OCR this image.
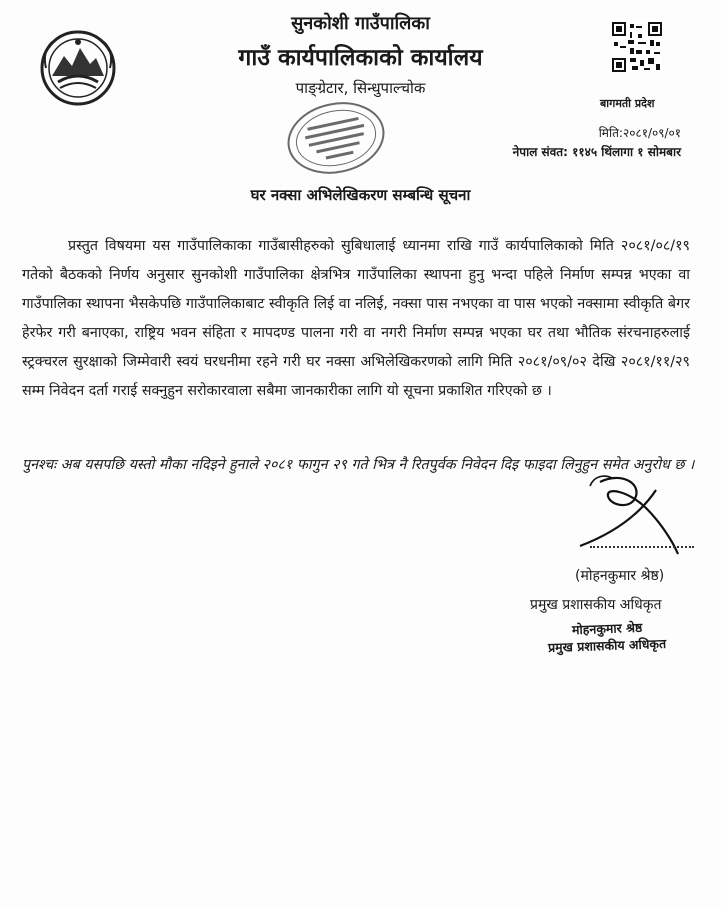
सुनकोशी गाउँपालिका
गाउँ कार्यपालिकाको कार्यालय
पाङ्ग्रेटार, सिन्धुपाल्चोक
बागमती प्रदेश
मिति:२०८१/०९/०१
नेपाल संवत: ११४५ थिंलागा १ सोमबार
घर नक्सा अभिलेखिकरण सम्बन्धि सूचना

प्रस्तुत विषयमा यस गाउँपालिकाका गाउँबासीहरुको सुबिधालाई ध्यानमा राखि गाउँ कार्यपालिकाको मिति २०८१/०८/१९ गतेको बैठकको निर्णय अनुसार सुनकोशी गाउँपालिका क्षेत्रभित्र गाउँपालिका स्थापना हुनु भन्दा पहिले निर्माण सम्पन्न भएका वा गाउँपालिका स्थापना भैसकेपछि गाउँपालिकाबाट स्वीकृति लिई वा नलिई, नक्सा पास नभएका वा पास भएको नक्सामा स्वीकृति बेगर हेरफेर गरी बनाएका, राष्ट्रिय भवन संहिता र मापदण्ड पालना गरी वा नगरी निर्माण सम्पन्न भएका घर तथा भौतिक संरचनाहरुलाई स्ट्रक्चरल सुरक्षाको जिम्मेवारी स्वयं घरधनीमा रहने गरी घर नक्सा अभिलेखिकरणको लागि मिति २०८१/०९/०२ देखि २०८१/११/२९ सम्म निवेदन दर्ता गराई सक्नुहुन सरोकारवाला सबैमा जानकारीका लागि यो सूचना प्रकाशित गरिएको छ ।

पुनश्चः अब यसपछि यस्तो मौका नदिइने हुनाले २०८१ फागुन २९ गते भित्र नै रितपुर्वक निवेदन दिइ फाइदा लिनुहुन समेत अनुरोध छ ।

(मोहनकुमार श्रेष्ठ)
प्रमुख प्रशासकीय अधिकृत
मोहनकुमार श्रेष्ठ
प्रमुख प्रशासकीय अधिकृत
